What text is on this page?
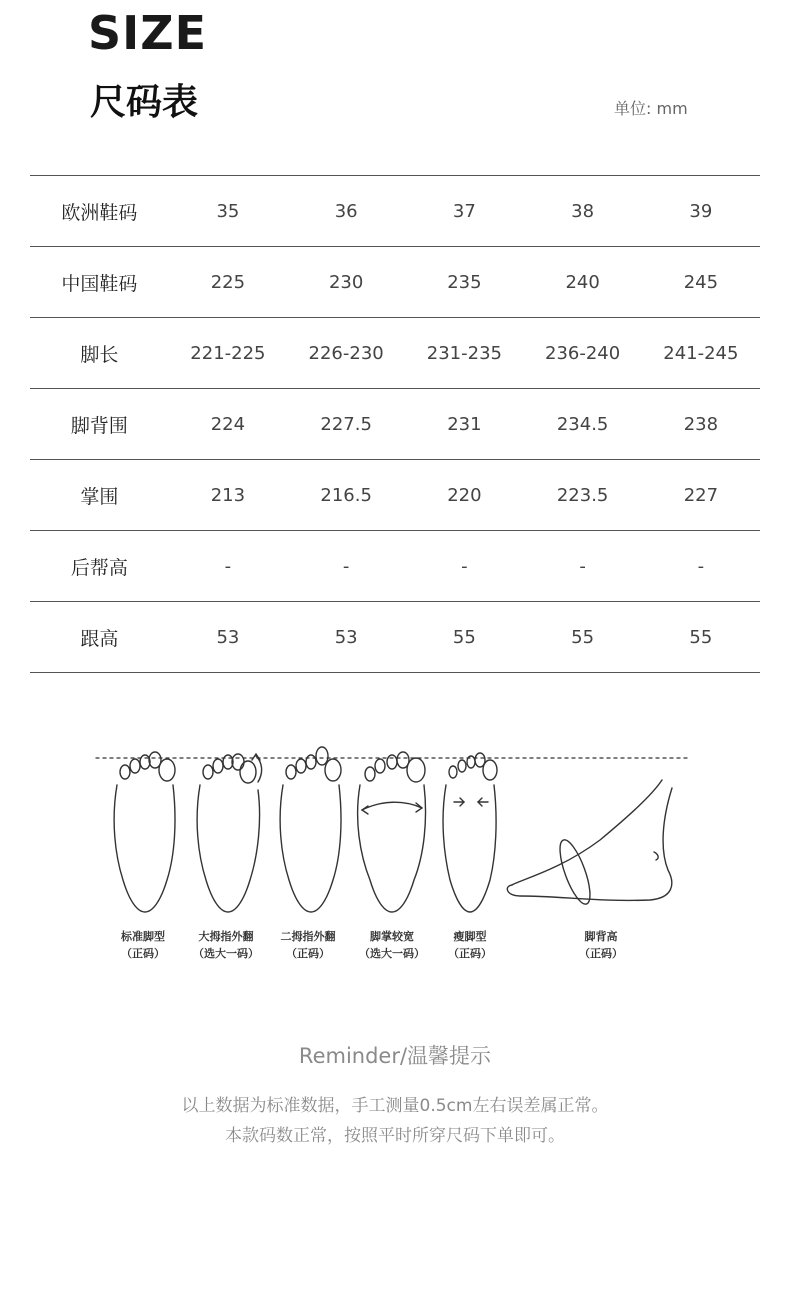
SIZE
尺码表	单位: mm
欧洲鞋码	35	36	37	38	39
中国鞋码	225	230	235	240	245
脚长	221-225	226-230	231-235	236-240	241-245
脚背围	224	227.5	231	234.5	238
掌围	213	216.5	220	223.5	227
后帮高	-	-	-	-	-
跟高	53	53	55	55	55
标准脚型
（正码）
大拇指外翻
（选大一码）
二拇指外翻
（正码）
脚掌较宽
（选大一码）
瘦脚型
（正码）
脚背高
（正码）
Reminder/温馨提示
以上数据为标准数据，手工测量0.5cm左右误差属正常。
本款码数正常，按照平时所穿尺码下单即可。
